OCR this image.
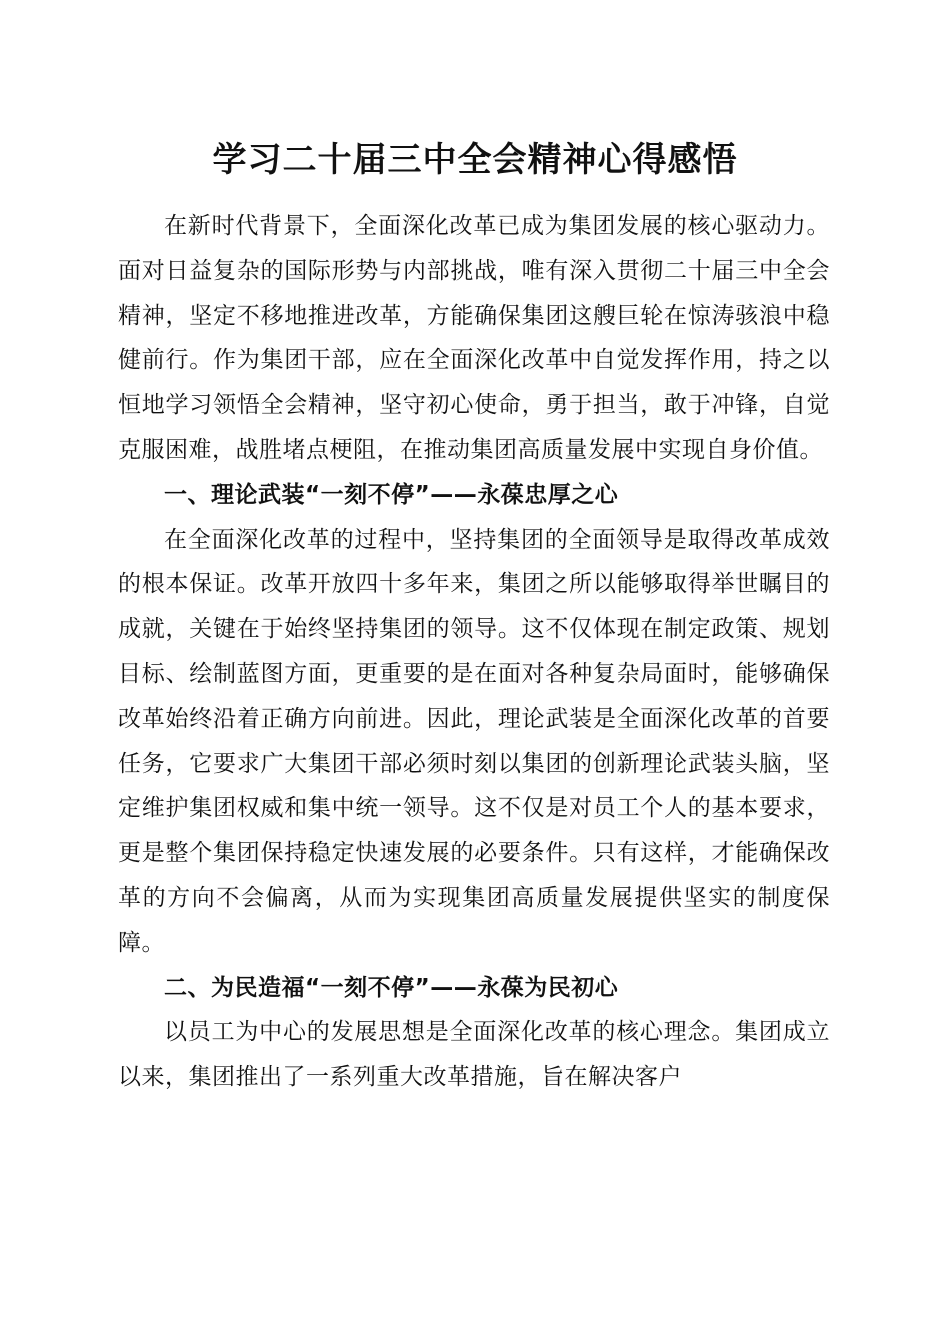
学习二十届三中全会精神心得感悟

在新时代背景下，全面深化改革已成为集团发展的核心驱动力。面对日益复杂的国际形势与内部挑战，唯有深入贯彻二十届三中全会精神，坚定不移地推进改革，方能确保集团这艘巨轮在惊涛骇浪中稳健前行。作为集团干部，应在全面深化改革中自觉发挥作用，持之以恒地学习领悟全会精神，坚守初心使命，勇于担当，敢于冲锋，自觉克服困难，战胜堵点梗阻，在推动集团高质量发展中实现自身价值。

一、理论武装“一刻不停”——永葆忠厚之心

在全面深化改革的过程中，坚持集团的全面领导是取得改革成效的根本保证。改革开放四十多年来，集团之所以能够取得举世瞩目的成就，关键在于始终坚持集团的领导。这不仅体现在制定政策、规划目标、绘制蓝图方面，更重要的是在面对各种复杂局面时，能够确保改革始终沿着正确方向前进。因此，理论武装是全面深化改革的首要任务，它要求广大集团干部必须时刻以集团的创新理论武装头脑，坚定维护集团权威和集中统一领导。这不仅是对员工个人的基本要求，更是整个集团保持稳定快速发展的必要条件。只有这样，才能确保改革的方向不会偏离，从而为实现集团高质量发展提供坚实的制度保障。

二、为民造福“一刻不停”——永葆为民初心

以员工为中心的发展思想是全面深化改革的核心理念。集团成立以来，集团推出了一系列重大改革措施，旨在解决客户
